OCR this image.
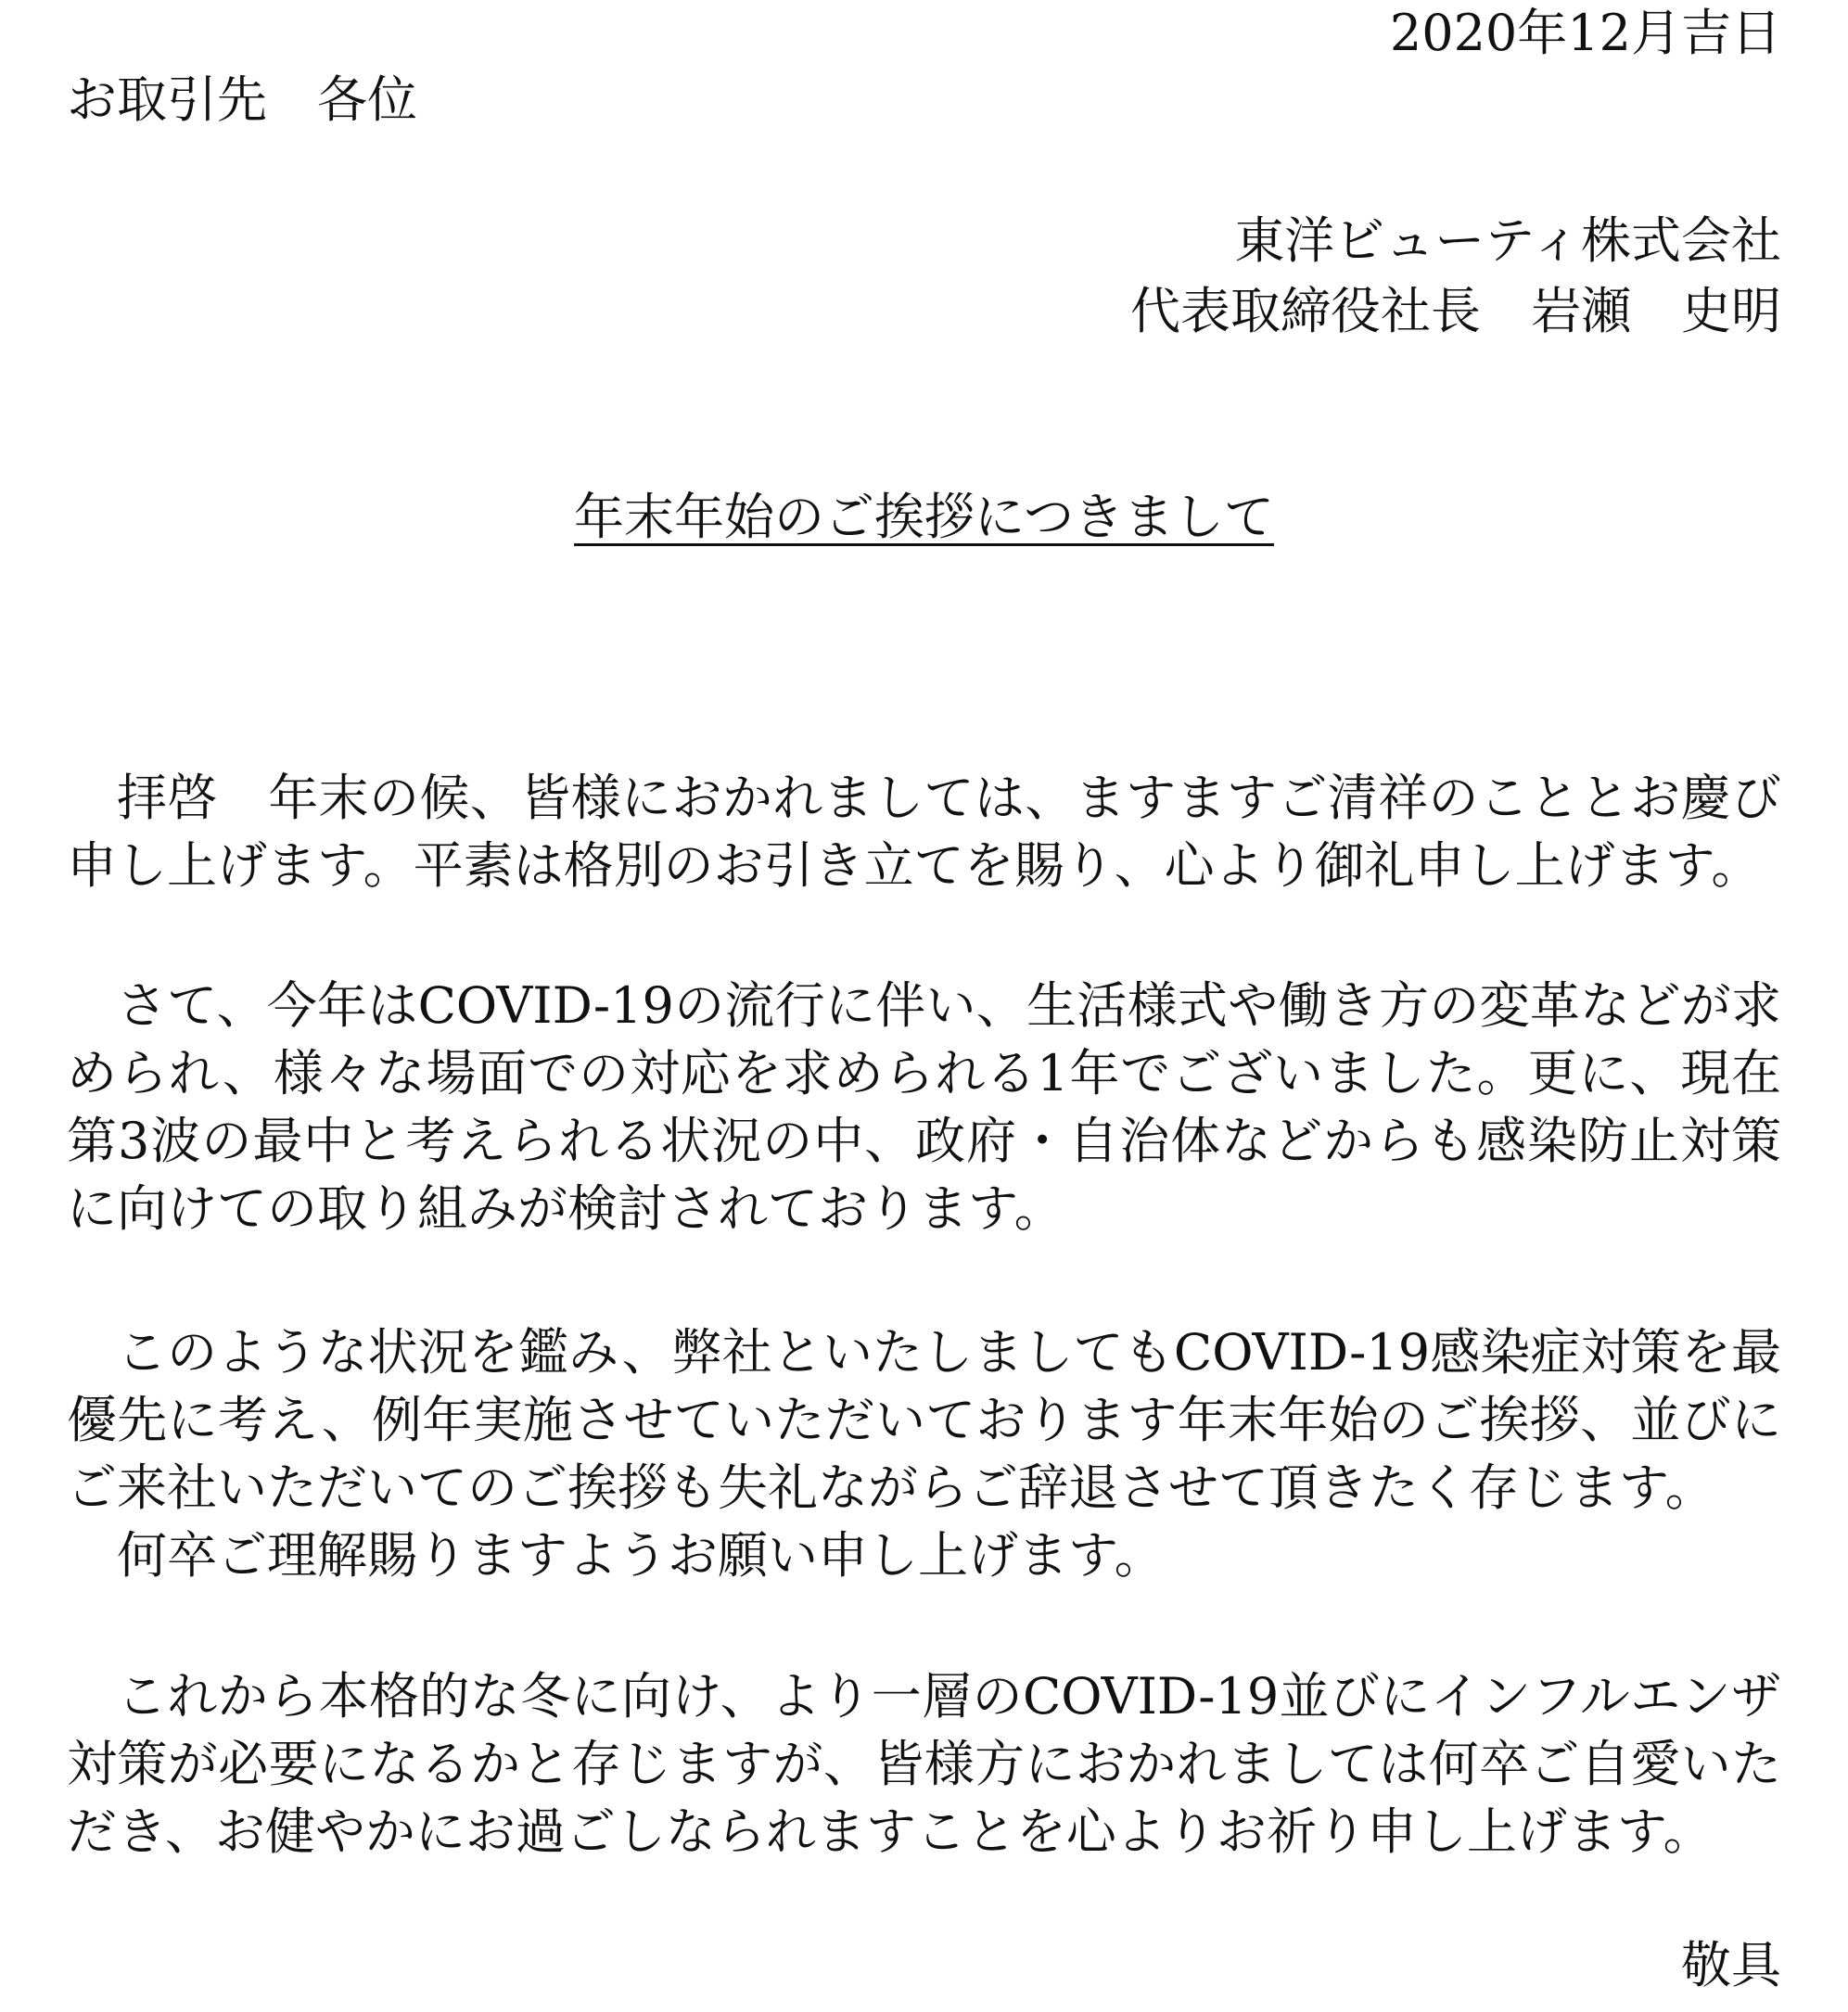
2020年12月吉日

お取引先　各位

東洋ビューティ株式会社

代表取締役社長　岩瀬　史明

年末年始のご挨拶につきまして

拝啓　年末の候、皆様におかれましては、ますますご清祥のこととお慶び申し上げます。平素は格別のお引き立てを賜り、心より御礼申し上げます。

さて、今年はCOVID-19の流行に伴い、生活様式や働き方の変革などが求められ、様々な場面での対応を求められる1年でございました。更に、現在第3波の最中と考えられる状況の中、政府・自治体などからも感染防止対策に向けての取り組みが検討されております。

このような状況を鑑み、弊社といたしましてもCOVID-19感染症対策を最優先に考え、例年実施させていただいております年末年始のご挨拶、並びにご来社いただいてのご挨拶も失礼ながらご辞退させて頂きたく存じます。

何卒ご理解賜りますようお願い申し上げます。

これから本格的な冬に向け、より一層のCOVID-19並びにインフルエンザ対策が必要になるかと存じますが、皆様方におかれましては何卒ご自愛いただき、お健やかにお過ごしなられますことを心よりお祈り申し上げます。

敬具
